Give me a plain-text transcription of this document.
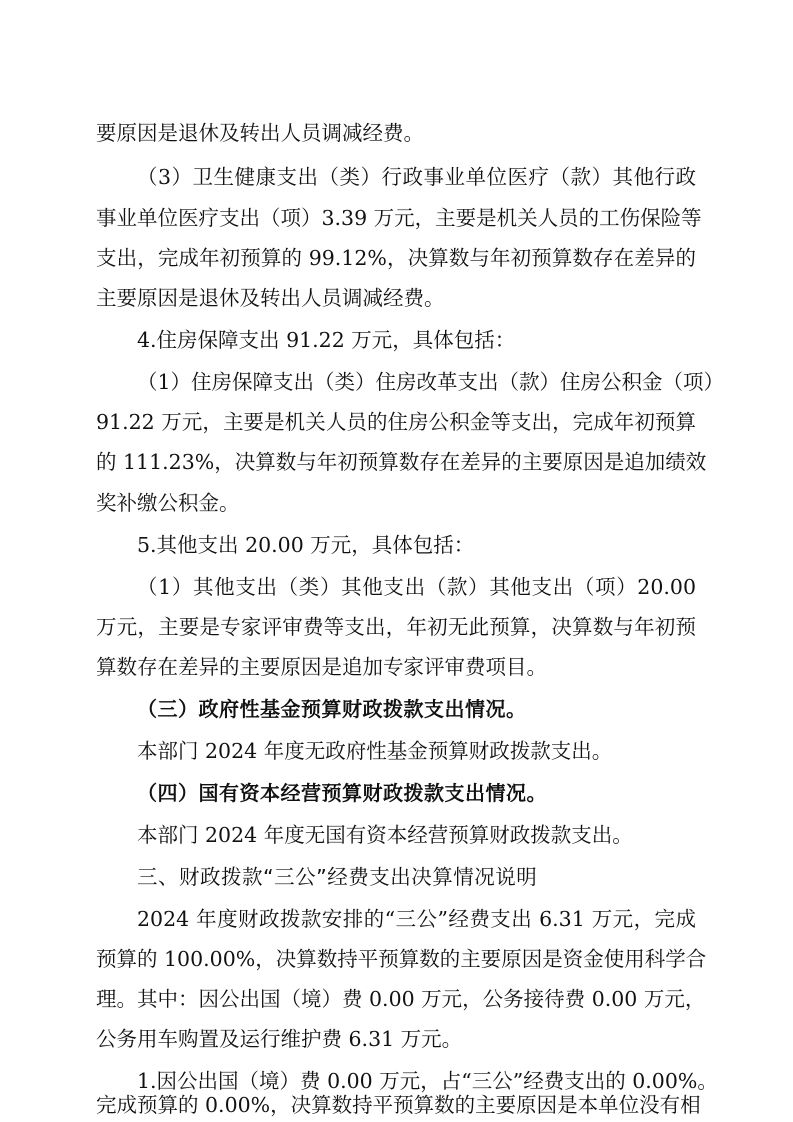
要原因是退休及转出人员调减经费。
（3）卫生健康支出（类）行政事业单位医疗（款）其他行政
事业单位医疗支出（项）3.39 万元，主要是机关人员的工伤保险等
支出，完成年初预算的 99.12%，决算数与年初预算数存在差异的
主要原因是退休及转出人员调减经费。
4.住房保障支出 91.22 万元，具体包括：
（1）住房保障支出（类）住房改革支出（款）住房公积金（项）
91.22 万元，主要是机关人员的住房公积金等支出，完成年初预算
的 111.23%，决算数与年初预算数存在差异的主要原因是追加绩效
奖补缴公积金。
5.其他支出 20.00 万元，具体包括：
（1）其他支出（类）其他支出（款）其他支出（项）20.00
万元，主要是专家评审费等支出，年初无此预算，决算数与年初预
算数存在差异的主要原因是追加专家评审费项目。
（三）政府性基金预算财政拨款支出情况。
本部门 2024 年度无政府性基金预算财政拨款支出。
（四）国有资本经营预算财政拨款支出情况。
本部门 2024 年度无国有资本经营预算财政拨款支出。
三、财政拨款“三公”经费支出决算情况说明
2024 年度财政拨款安排的“三公”经费支出 6.31 万元，完成
预算的 100.00%，决算数持平预算数的主要原因是资金使用科学合
理。其中：因公出国（境）费 0.00 万元，公务接待费 0.00 万元，
公务用车购置及运行维护费 6.31 万元。
1.因公出国（境）费 0.00 万元，占“三公”经费支出的 0.00%。
完成预算的 0.00%，决算数持平预算数的主要原因是本单位没有相
